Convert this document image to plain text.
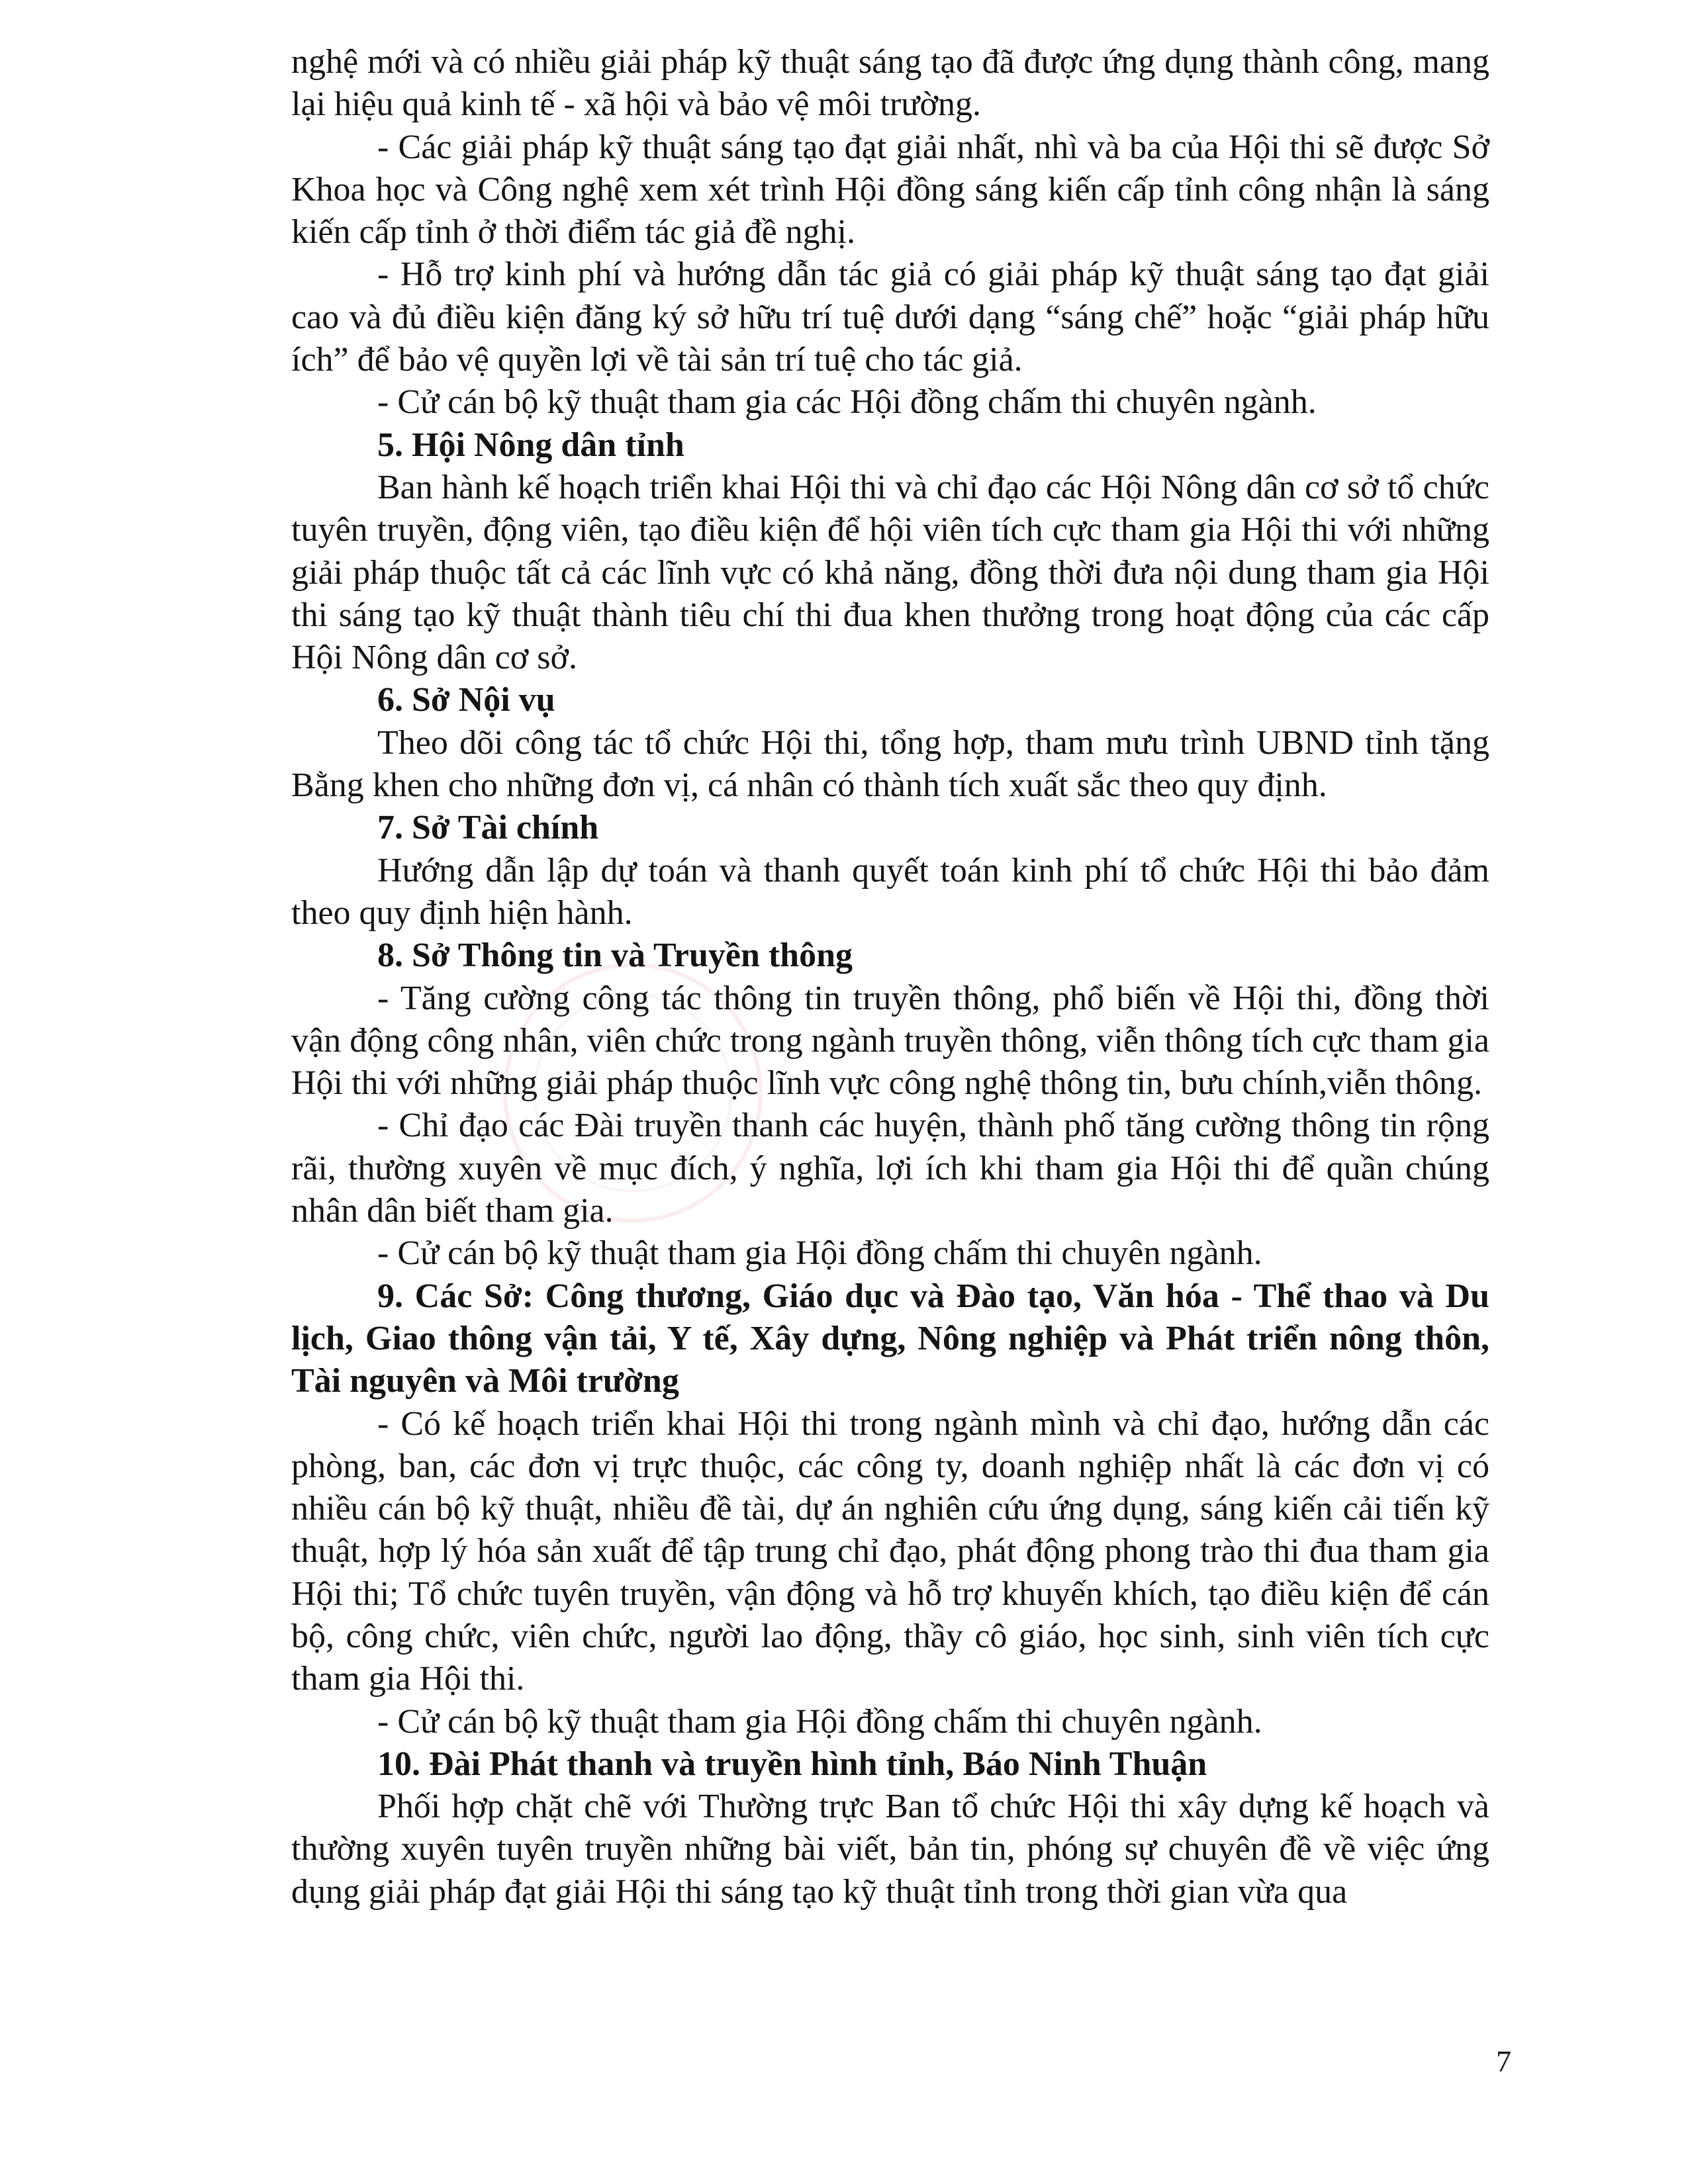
nghệ mới và có nhiều giải pháp kỹ thuật sáng tạo đã được ứng dụng thành công, mang lại hiệu quả kinh tế - xã hội và bảo vệ môi trường.

- Các giải pháp kỹ thuật sáng tạo đạt giải nhất, nhì và ba của Hội thi sẽ được Sở Khoa học và Công nghệ xem xét trình Hội đồng sáng kiến cấp tỉnh công nhận là sáng kiến cấp tỉnh ở thời điểm tác giả đề nghị.

- Hỗ trợ kinh phí và hướng dẫn tác giả có giải pháp kỹ thuật sáng tạo đạt giải cao và đủ điều kiện đăng ký sở hữu trí tuệ dưới dạng “sáng chế” hoặc “giải pháp hữu ích” để bảo vệ quyền lợi về tài sản trí tuệ cho tác giả.

- Cử cán bộ kỹ thuật tham gia các Hội đồng chấm thi chuyên ngành.

5. Hội Nông dân tỉnh

Ban hành kế hoạch triển khai Hội thi và chỉ đạo các Hội Nông dân cơ sở tổ chức tuyên truyền, động viên, tạo điều kiện để hội viên tích cực tham gia Hội thi với những giải pháp thuộc tất cả các lĩnh vực có khả năng, đồng thời đưa nội dung tham gia Hội thi sáng tạo kỹ thuật thành tiêu chí thi đua khen thưởng trong hoạt động của các cấp Hội Nông dân cơ sở.

6. Sở Nội vụ

Theo dõi công tác tổ chức Hội thi, tổng hợp, tham mưu trình UBND tỉnh tặng Bằng khen cho những đơn vị, cá nhân có thành tích xuất sắc theo quy định.

7. Sở Tài chính

Hướng dẫn lập dự toán và thanh quyết toán kinh phí tổ chức Hội thi bảo đảm theo quy định hiện hành.

8. Sở Thông tin và Truyền thông

- Tăng cường công tác thông tin truyền thông, phổ biến về Hội thi, đồng thời vận động công nhân, viên chức trong ngành truyền thông, viễn thông tích cực tham gia Hội thi với những giải pháp thuộc lĩnh vực công nghệ thông tin, bưu chính,viễn thông.

- Chỉ đạo các Đài truyền thanh các huyện, thành phố tăng cường thông tin rộng rãi, thường xuyên về mục đích, ý nghĩa, lợi ích khi tham gia Hội thi để quần chúng nhân dân biết tham gia.

- Cử cán bộ kỹ thuật tham gia Hội đồng chấm thi chuyên ngành.

9. Các Sở: Công thương, Giáo dục và Đào tạo, Văn hóa - Thể thao và Du lịch, Giao thông vận tải, Y tế, Xây dựng, Nông nghiệp và Phát triển nông thôn, Tài nguyên và Môi trường

- Có kế hoạch triển khai Hội thi trong ngành mình và chỉ đạo, hướng dẫn các phòng, ban, các đơn vị trực thuộc, các công ty, doanh nghiệp nhất là các đơn vị có nhiều cán bộ kỹ thuật, nhiều đề tài, dự án nghiên cứu ứng dụng, sáng kiến cải tiến kỹ thuật, hợp lý hóa sản xuất để tập trung chỉ đạo, phát động phong trào thi đua tham gia Hội thi; Tổ chức tuyên truyền, vận động và hỗ trợ khuyến khích, tạo điều kiện để cán bộ, công chức, viên chức, người lao động, thầy cô giáo, học sinh, sinh viên tích cực tham gia Hội thi.

- Cử cán bộ kỹ thuật tham gia Hội đồng chấm thi chuyên ngành.

10. Đài Phát thanh và truyền hình tỉnh, Báo Ninh Thuận

Phối hợp chặt chẽ với Thường trực Ban tổ chức Hội thi xây dựng kế hoạch và thường xuyên tuyên truyền những bài viết, bản tin, phóng sự chuyên đề về việc ứng dụng giải pháp đạt giải Hội thi sáng tạo kỹ thuật tỉnh trong thời gian vừa qua

7
